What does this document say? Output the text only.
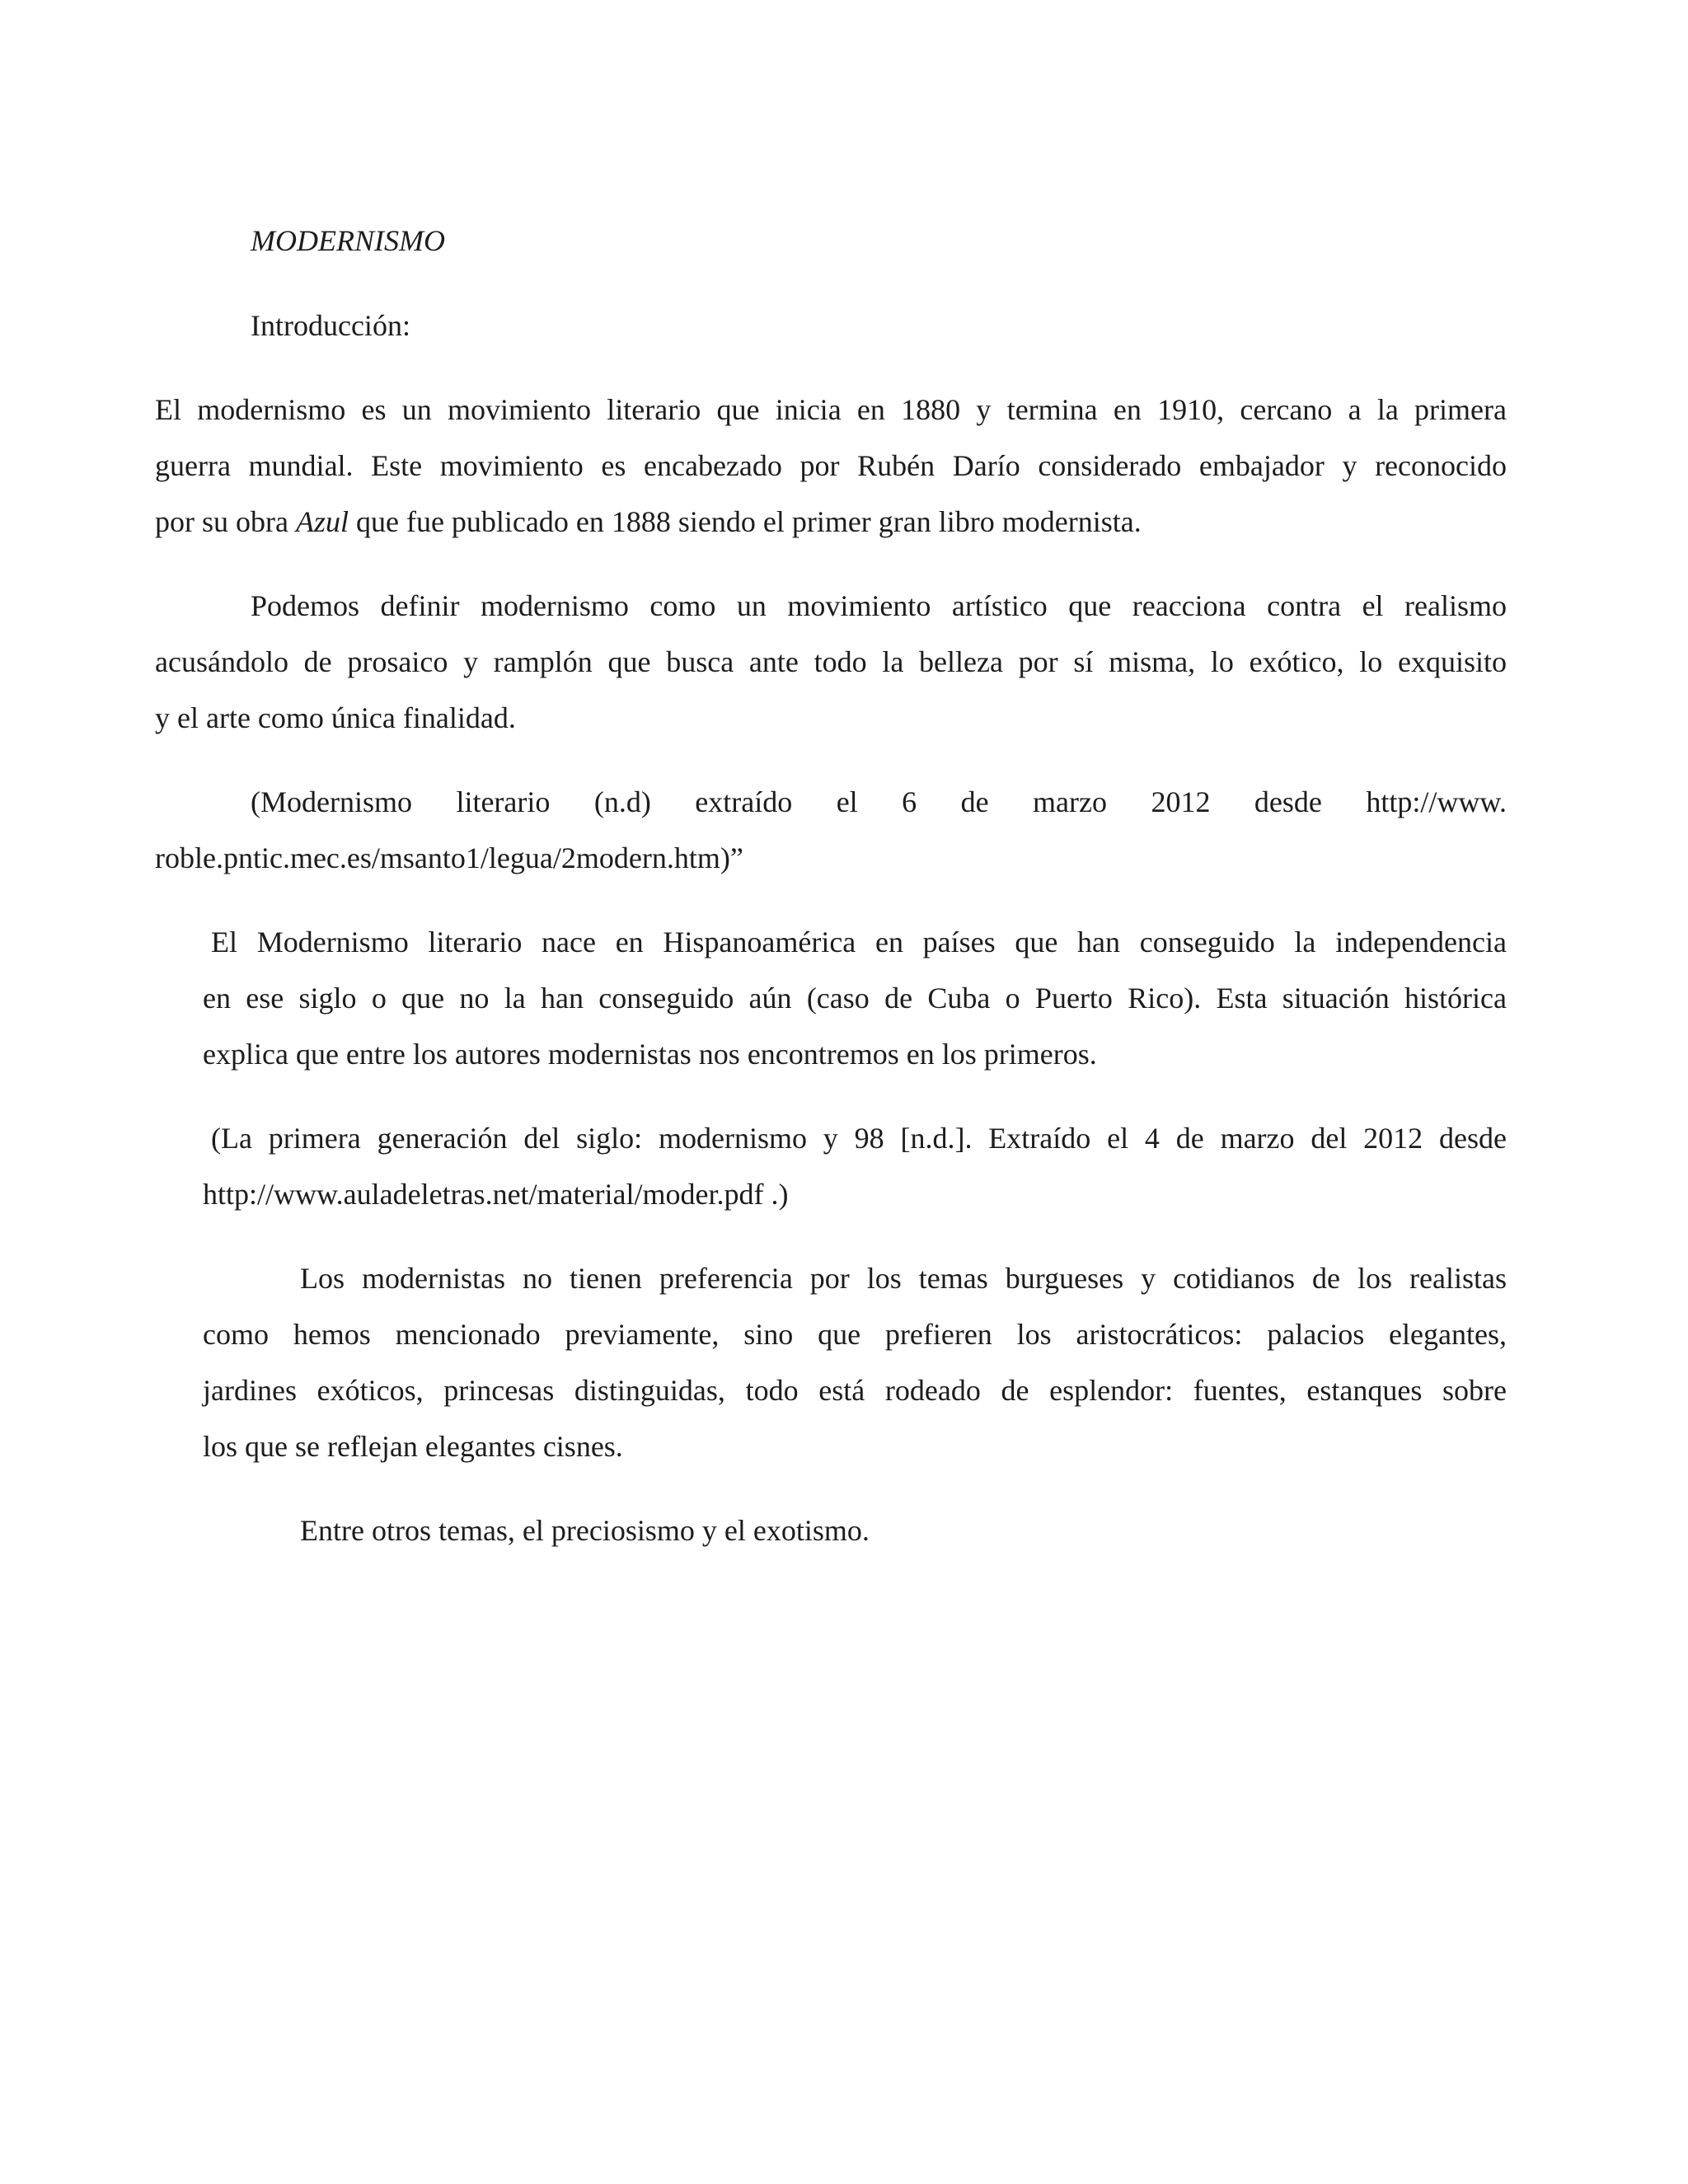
MODERNISMO
Introducción:
El modernismo es un movimiento literario que inicia en 1880 y termina en 1910, cercano a la primera
guerra mundial. Este movimiento es encabezado por Rubén Darío considerado embajador y reconocido
por su obra Azul que fue publicado en 1888 siendo el primer gran libro modernista.
Podemos definir modernismo como un movimiento artístico que reacciona contra el realismo
acusándolo de prosaico y ramplón que busca ante todo la belleza por sí misma, lo exótico, lo exquisito
y el arte como única finalidad.
(Modernismo literario (n.d) extraído el 6 de marzo 2012 desde http://www.
roble.pntic.mec.es/msanto1/legua/2modern.htm)”
El Modernismo literario nace en Hispanoamérica en países que han conseguido la independencia
en ese siglo o que no la han conseguido aún (caso de Cuba o Puerto Rico). Esta situación histórica
explica que entre los autores modernistas nos encontremos en los primeros.
(La primera generación del siglo: modernismo y 98 [n.d.]. Extraído el 4 de marzo del 2012 desde
http://www.auladeletras.net/material/moder.pdf .)
Los modernistas no tienen preferencia por los temas burgueses y cotidianos de los realistas
como hemos mencionado previamente, sino que prefieren los aristocráticos: palacios elegantes,
jardines exóticos, princesas distinguidas, todo está rodeado de esplendor: fuentes, estanques sobre
los que se reflejan elegantes cisnes.
Entre otros temas, el preciosismo y el exotismo.
